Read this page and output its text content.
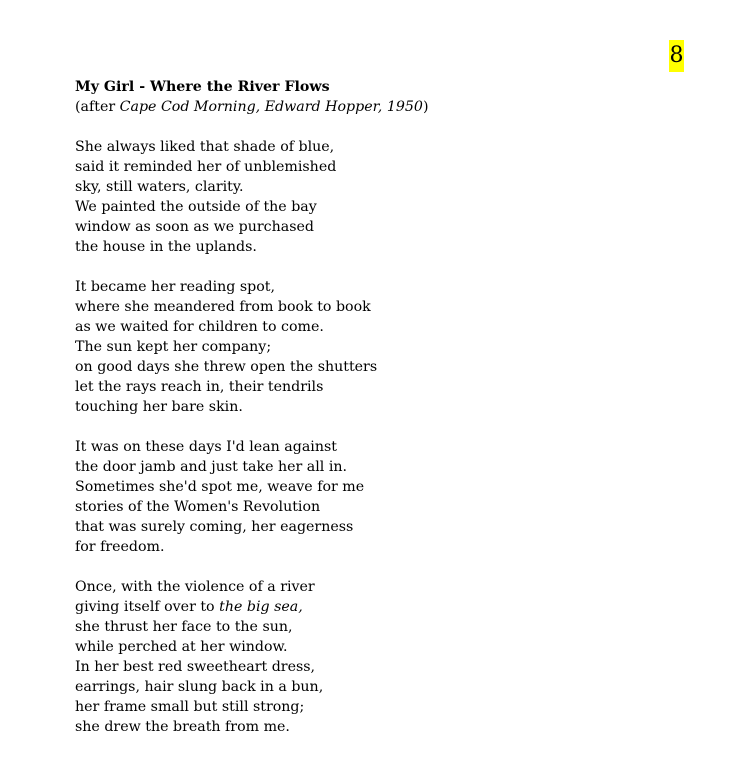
8
My Girl - Where the River Flows
(after Cape Cod Morning, Edward Hopper, 1950)
She always liked that shade of blue,
said it reminded her of unblemished
sky, still waters, clarity.
We painted the outside of the bay
window as soon as we purchased
the house in the uplands.
It became her reading spot,
where she meandered from book to book
as we waited for children to come.
The sun kept her company;
on good days she threw open the shutters
let the rays reach in, their tendrils
touching her bare skin.
It was on these days I'd lean against
the door jamb and just take her all in.
Sometimes she'd spot me, weave for me
stories of the Women's Revolution
that was surely coming, her eagerness
for freedom.
Once, with the violence of a river
giving itself over to the big sea,
she thrust her face to the sun,
while perched at her window.
In her best red sweetheart dress,
earrings, hair slung back in a bun,
her frame small but still strong;
she drew the breath from me.
